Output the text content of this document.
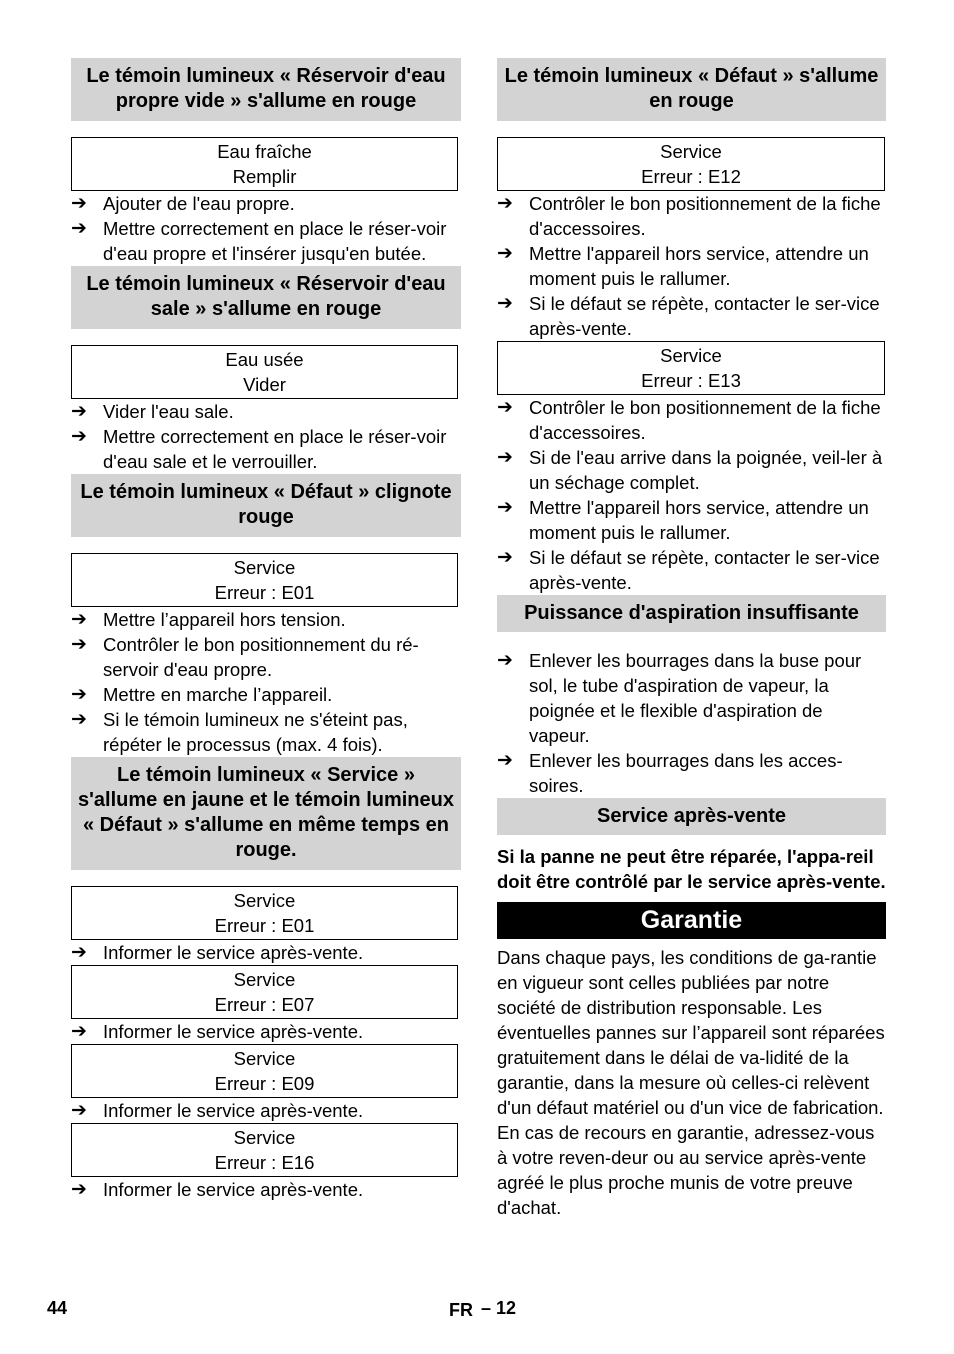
Le témoin lumineux « Réservoir d'eau propre vide » s'allume en rouge
Eau fraîche
Remplir
➔ Ajouter de l'eau propre.
➔ Mettre correctement en place le réser-voir d'eau propre et l'insérer jusqu'en butée.
Le témoin lumineux « Réservoir d'eau sale » s'allume en rouge
Eau usée
Vider
➔ Vider l'eau sale.
➔ Mettre correctement en place le réser-voir d'eau sale et le verrouiller.
Le témoin lumineux « Défaut » clignote rouge
Service
Erreur : E01
➔ Mettre l’appareil hors tension.
➔ Contrôler le bon positionnement du ré-servoir d'eau propre.
➔ Mettre en marche l’appareil.
➔ Si le témoin lumineux ne s'éteint pas, répéter le processus (max. 4 fois).
Le témoin lumineux « Service » s'allume en jaune et le témoin lumineux « Défaut » s'allume en même temps en rouge.
Service
Erreur : E01
➔ Informer le service après-vente.
Service
Erreur : E07
➔ Informer le service après-vente.
Service
Erreur : E09
➔ Informer le service après-vente.
Service
Erreur : E16
➔ Informer le service après-vente.
Le témoin lumineux « Défaut » s'allume en rouge
Service
Erreur : E12
➔ Contrôler le bon positionnement de la fiche d'accessoires.
➔ Mettre l'appareil hors service, attendre un moment puis le rallumer.
➔ Si le défaut se répète, contacter le ser-vice après-vente.
Service
Erreur : E13
➔ Contrôler le bon positionnement de la fiche d'accessoires.
➔ Si de l'eau arrive dans la poignée, veil-ler à un séchage complet.
➔ Mettre l'appareil hors service, attendre un moment puis le rallumer.
➔ Si le défaut se répète, contacter le ser-vice après-vente.
Puissance d'aspiration insuffisante
➔ Enlever les bourrages dans la buse pour sol, le tube d'aspiration de vapeur, la poignée et le flexible d'aspiration de vapeur.
➔ Enlever les bourrages dans les acces-soires.
Service après-vente
Si la panne ne peut être réparée, l'appa-reil doit être contrôlé par le service après-vente.
Garantie
Dans chaque pays, les conditions de ga-rantie en vigueur sont celles publiées par notre société de distribution responsable. Les éventuelles pannes sur l’appareil sont réparées gratuitement dans le délai de va-lidité de la garantie, dans la mesure où celles-ci relèvent d'un défaut matériel ou d'un vice de fabrication. En cas de recours en garantie, adressez-vous à votre reven-deur ou au service après-vente agréé le plus proche munis de votre preuve d'achat.
44	FR – 12
